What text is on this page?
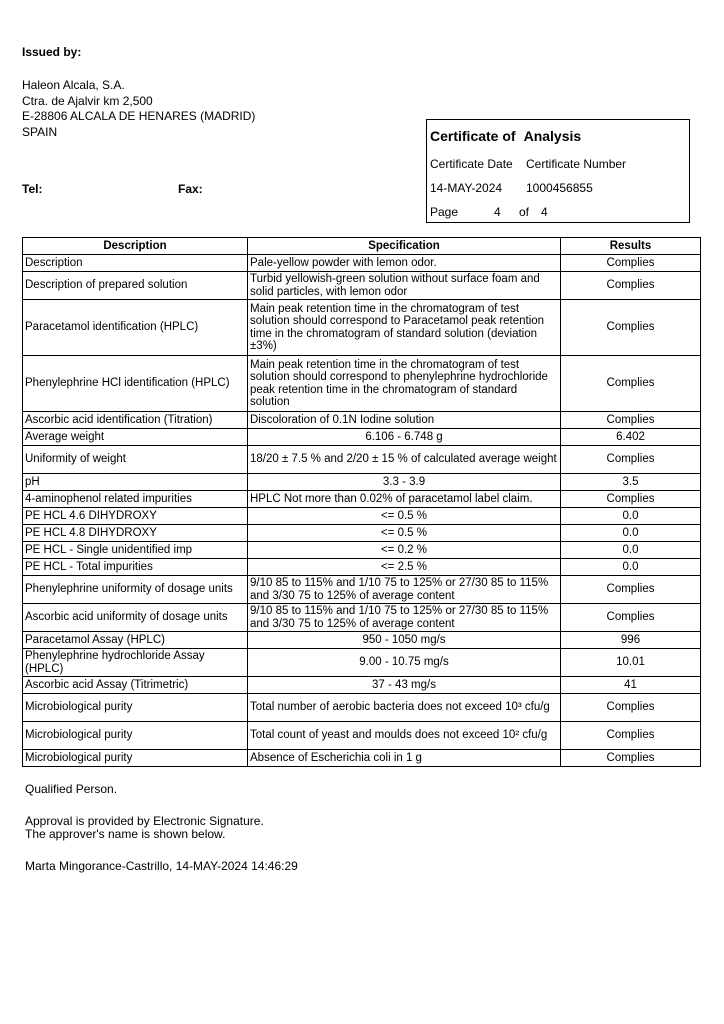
Issued by:
Haleon Alcala, S.A.
Ctra. de Ajalvir km 2,500
E-28806 ALCALA DE HENARES (MADRID)
SPAIN
Tel:	Fax:
Certificate of Analysis
Certificate Date Certificate Number
14-MAY-2024 1000456855
Page	4 of 4
Description	Specification	Results
Description	Pale-yellow powder with lemon odor.	Complies
Description of prepared solution	Turbid yellowish-green solution without surface foam and solid particles, with lemon odor	Complies
Paracetamol identification (HPLC)	Main peak retention time in the chromatogram of test solution should correspond to Paracetamol peak retention time in the chromatogram of standard solution (deviation ±3%)	Complies
Phenylephrine HCl identification (HPLC)	Main peak retention time in the chromatogram of test solution should correspond to phenylephrine hydrochloride peak retention time in the chromatogram of standard solution	Complies
Ascorbic acid identification (Titration)	Discoloration of 0.1N Iodine solution	Complies
Average weight	6.106 - 6.748 g	6.402
Uniformity of weight	18/20 ± 7.5 % and 2/20 ± 15 % of calculated average weight	Complies
pH	3.3 - 3.9	3.5
4-aminophenol related impurities	HPLC Not more than 0.02% of paracetamol label claim.	Complies
PE HCL 4.6 DIHYDROXY	<= 0.5 %	0.0
PE HCL 4.8 DIHYDROXY	<= 0.5 %	0.0
PE HCL - Single unidentified imp	<= 0.2 %	0.0
PE HCL - Total impurities	<= 2.5 %	0.0
Phenylephrine uniformity of dosage units	9/10 85 to 115% and 1/10 75 to 125% or 27/30 85 to 115% and 3/30 75 to 125% of average content	Complies
Ascorbic acid uniformity of dosage units	9/10 85 to 115% and 1/10 75 to 125% or 27/30 85 to 115% and 3/30 75 to 125% of average content	Complies
Paracetamol Assay (HPLC)	950 - 1050 mg/s	996
Phenylephrine hydrochloride Assay (HPLC)	9.00 - 10.75 mg/s	10.01
Ascorbic acid Assay (Titrimetric)	37 - 43 mg/s	41
Microbiological purity	Total number of aerobic bacteria does not exceed 10³ cfu/g	Complies
Microbiological purity	Total count of yeast and moulds does not exceed 10² cfu/g	Complies
Microbiological purity	Absence of Escherichia coli in 1 g	Complies
Qualified Person.
Approval is provided by Electronic Signature.
The approver's name is shown below.
Marta Mingorance-Castrillo, 14-MAY-2024 14:46:29
